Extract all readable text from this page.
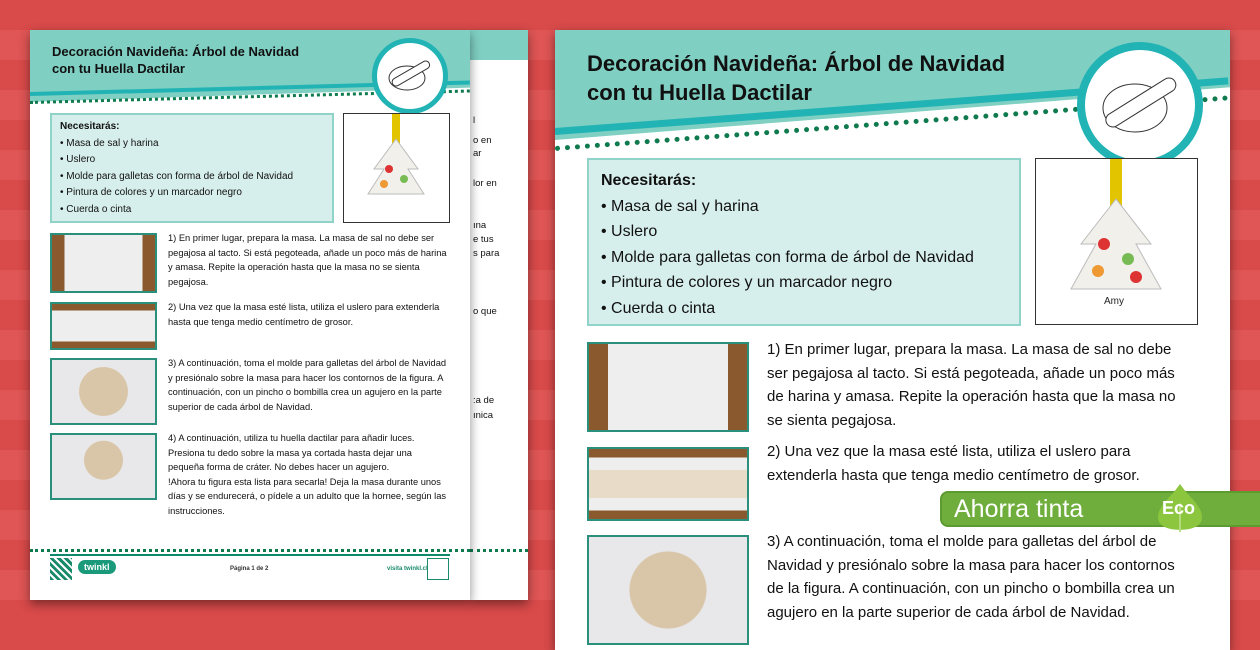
l
o en
ar
lor en
ına
e tus
s para
o que
:a de
ınica
Decoración Navideña: Árbol de Navidad
con tu Huella Dactilar
Necesitarás:
• Masa de sal y harina
• Uslero
• Molde para galletas con forma de árbol de Navidad
• Pintura de colores y un marcador negro
• Cuerda o cinta
1) En primer lugar, prepara la masa. La masa de sal no debe ser pegajosa al tacto. Si está pegoteada, añade un poco más de harina y amasa. Repite la operación hasta que la masa no se sienta pegajosa.
2) Una vez que la masa esté lista, utiliza el uslero para extenderla hasta que tenga medio centímetro de grosor.
3) A continuación, toma el molde para galletas del árbol de Navidad y presiónalo sobre la masa para hacer los contornos de la figura. A continuación, con un pincho o bombilla crea un agujero en la parte superior de cada árbol de Navidad.
4) A continuación, utiliza tu huella dactilar para añadir luces. Presiona tu dedo sobre la masa ya cortada hasta dejar una pequeña forma de cráter. No debes hacer un agujero.
!Ahora tu figura esta lista para secarla! Deja la masa durante unos días y se endurecerá, o pídele a un adulto que la hornee, según las instrucciones.
twinkl	Página 1 de 2	visita twinkl.cl
Decoración Navideña: Árbol de Navidad
con tu Huella Dactilar
Necesitarás:
• Masa de sal y harina
• Uslero
• Molde para galletas con forma de árbol de Navidad
• Pintura de colores y un marcador negro
• Cuerda o cinta	Amy
1) En primer lugar, prepara la masa. La masa de sal no debe ser pegajosa al tacto. Si está pegoteada, añade un poco más de harina y amasa. Repite la operación hasta que la masa no se sienta pegajosa.
2) Una vez que la masa esté lista, utiliza el uslero para extenderla hasta que tenga medio centímetro de grosor.
3) A continuación, toma el molde para galletas del árbol de Navidad y presiónalo sobre la masa para hacer los contornos de la figura. A continuación, con un pincho o bombilla crea un agujero en la parte superior de cada árbol de Navidad.
Ahorra tinta	Eco
